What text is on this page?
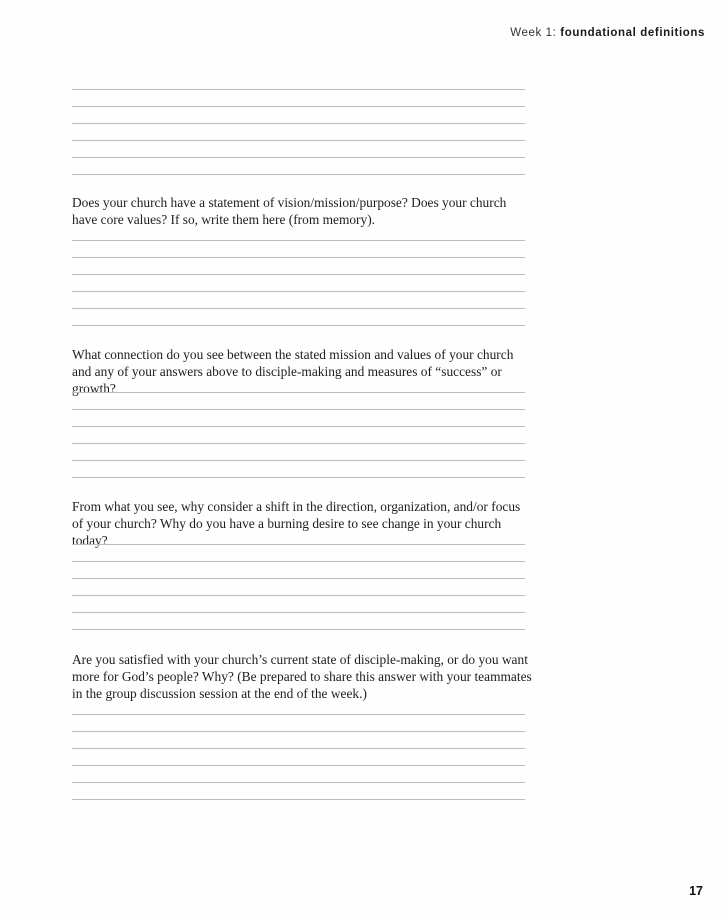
Week 1: foundational definitions
Does your church have a statement of vision/mission/purpose? Does your church have core values? If so, write them here (from memory).
What connection do you see between the stated mission and values of your church and any of your answers above to disciple-making and measures of “success” or growth?
From what you see, why consider a shift in the direction, organization, and/or focus of your church? Why do you have a burning desire to see change in your church today?
Are you satisfied with your church’s current state of disciple-making, or do you want more for God’s people? Why? (Be prepared to share this answer with your teammates in the group discussion session at the end of the week.)
17
